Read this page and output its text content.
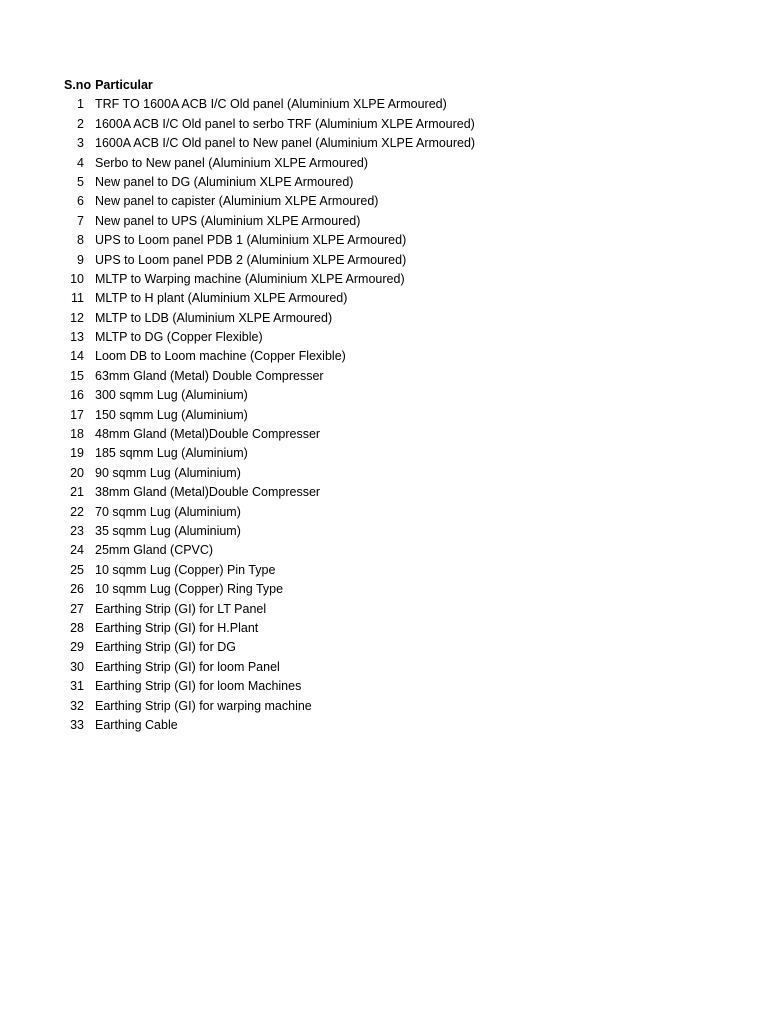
S.no Particular
1 TRF TO 1600A ACB I/C Old panel (Aluminium XLPE Armoured)
2 1600A ACB I/C Old panel to serbo TRF (Aluminium XLPE Armoured)
3 1600A ACB I/C Old panel to New panel (Aluminium XLPE Armoured)
4 Serbo to New panel (Aluminium XLPE Armoured)
5 New panel to DG (Aluminium XLPE Armoured)
6 New panel to capister (Aluminium XLPE Armoured)
7 New panel to UPS (Aluminium XLPE Armoured)
8 UPS to Loom panel PDB 1 (Aluminium XLPE Armoured)
9 UPS to Loom panel PDB 2 (Aluminium XLPE Armoured)
10 MLTP to Warping machine (Aluminium XLPE Armoured)
11 MLTP to H plant (Aluminium XLPE Armoured)
12 MLTP to LDB (Aluminium XLPE Armoured)
13 MLTP to DG (Copper Flexible)
14 Loom DB to Loom machine (Copper Flexible)
15 63mm Gland (Metal) Double Compresser
16 300 sqmm Lug (Aluminium)
17 150 sqmm Lug (Aluminium)
18 48mm Gland (Metal)Double Compresser
19 185 sqmm Lug (Aluminium)
20 90 sqmm Lug (Aluminium)
21 38mm Gland (Metal)Double Compresser
22 70 sqmm Lug (Aluminium)
23 35 sqmm Lug (Aluminium)
24 25mm Gland (CPVC)
25 10 sqmm Lug (Copper) Pin Type
26 10 sqmm Lug (Copper) Ring Type
27 Earthing Strip (GI) for LT Panel
28 Earthing Strip (GI) for H.Plant
29 Earthing Strip (GI) for DG
30 Earthing Strip (GI) for loom Panel
31 Earthing Strip (GI) for loom Machines
32 Earthing Strip (GI) for warping machine
33 Earthing Cable
